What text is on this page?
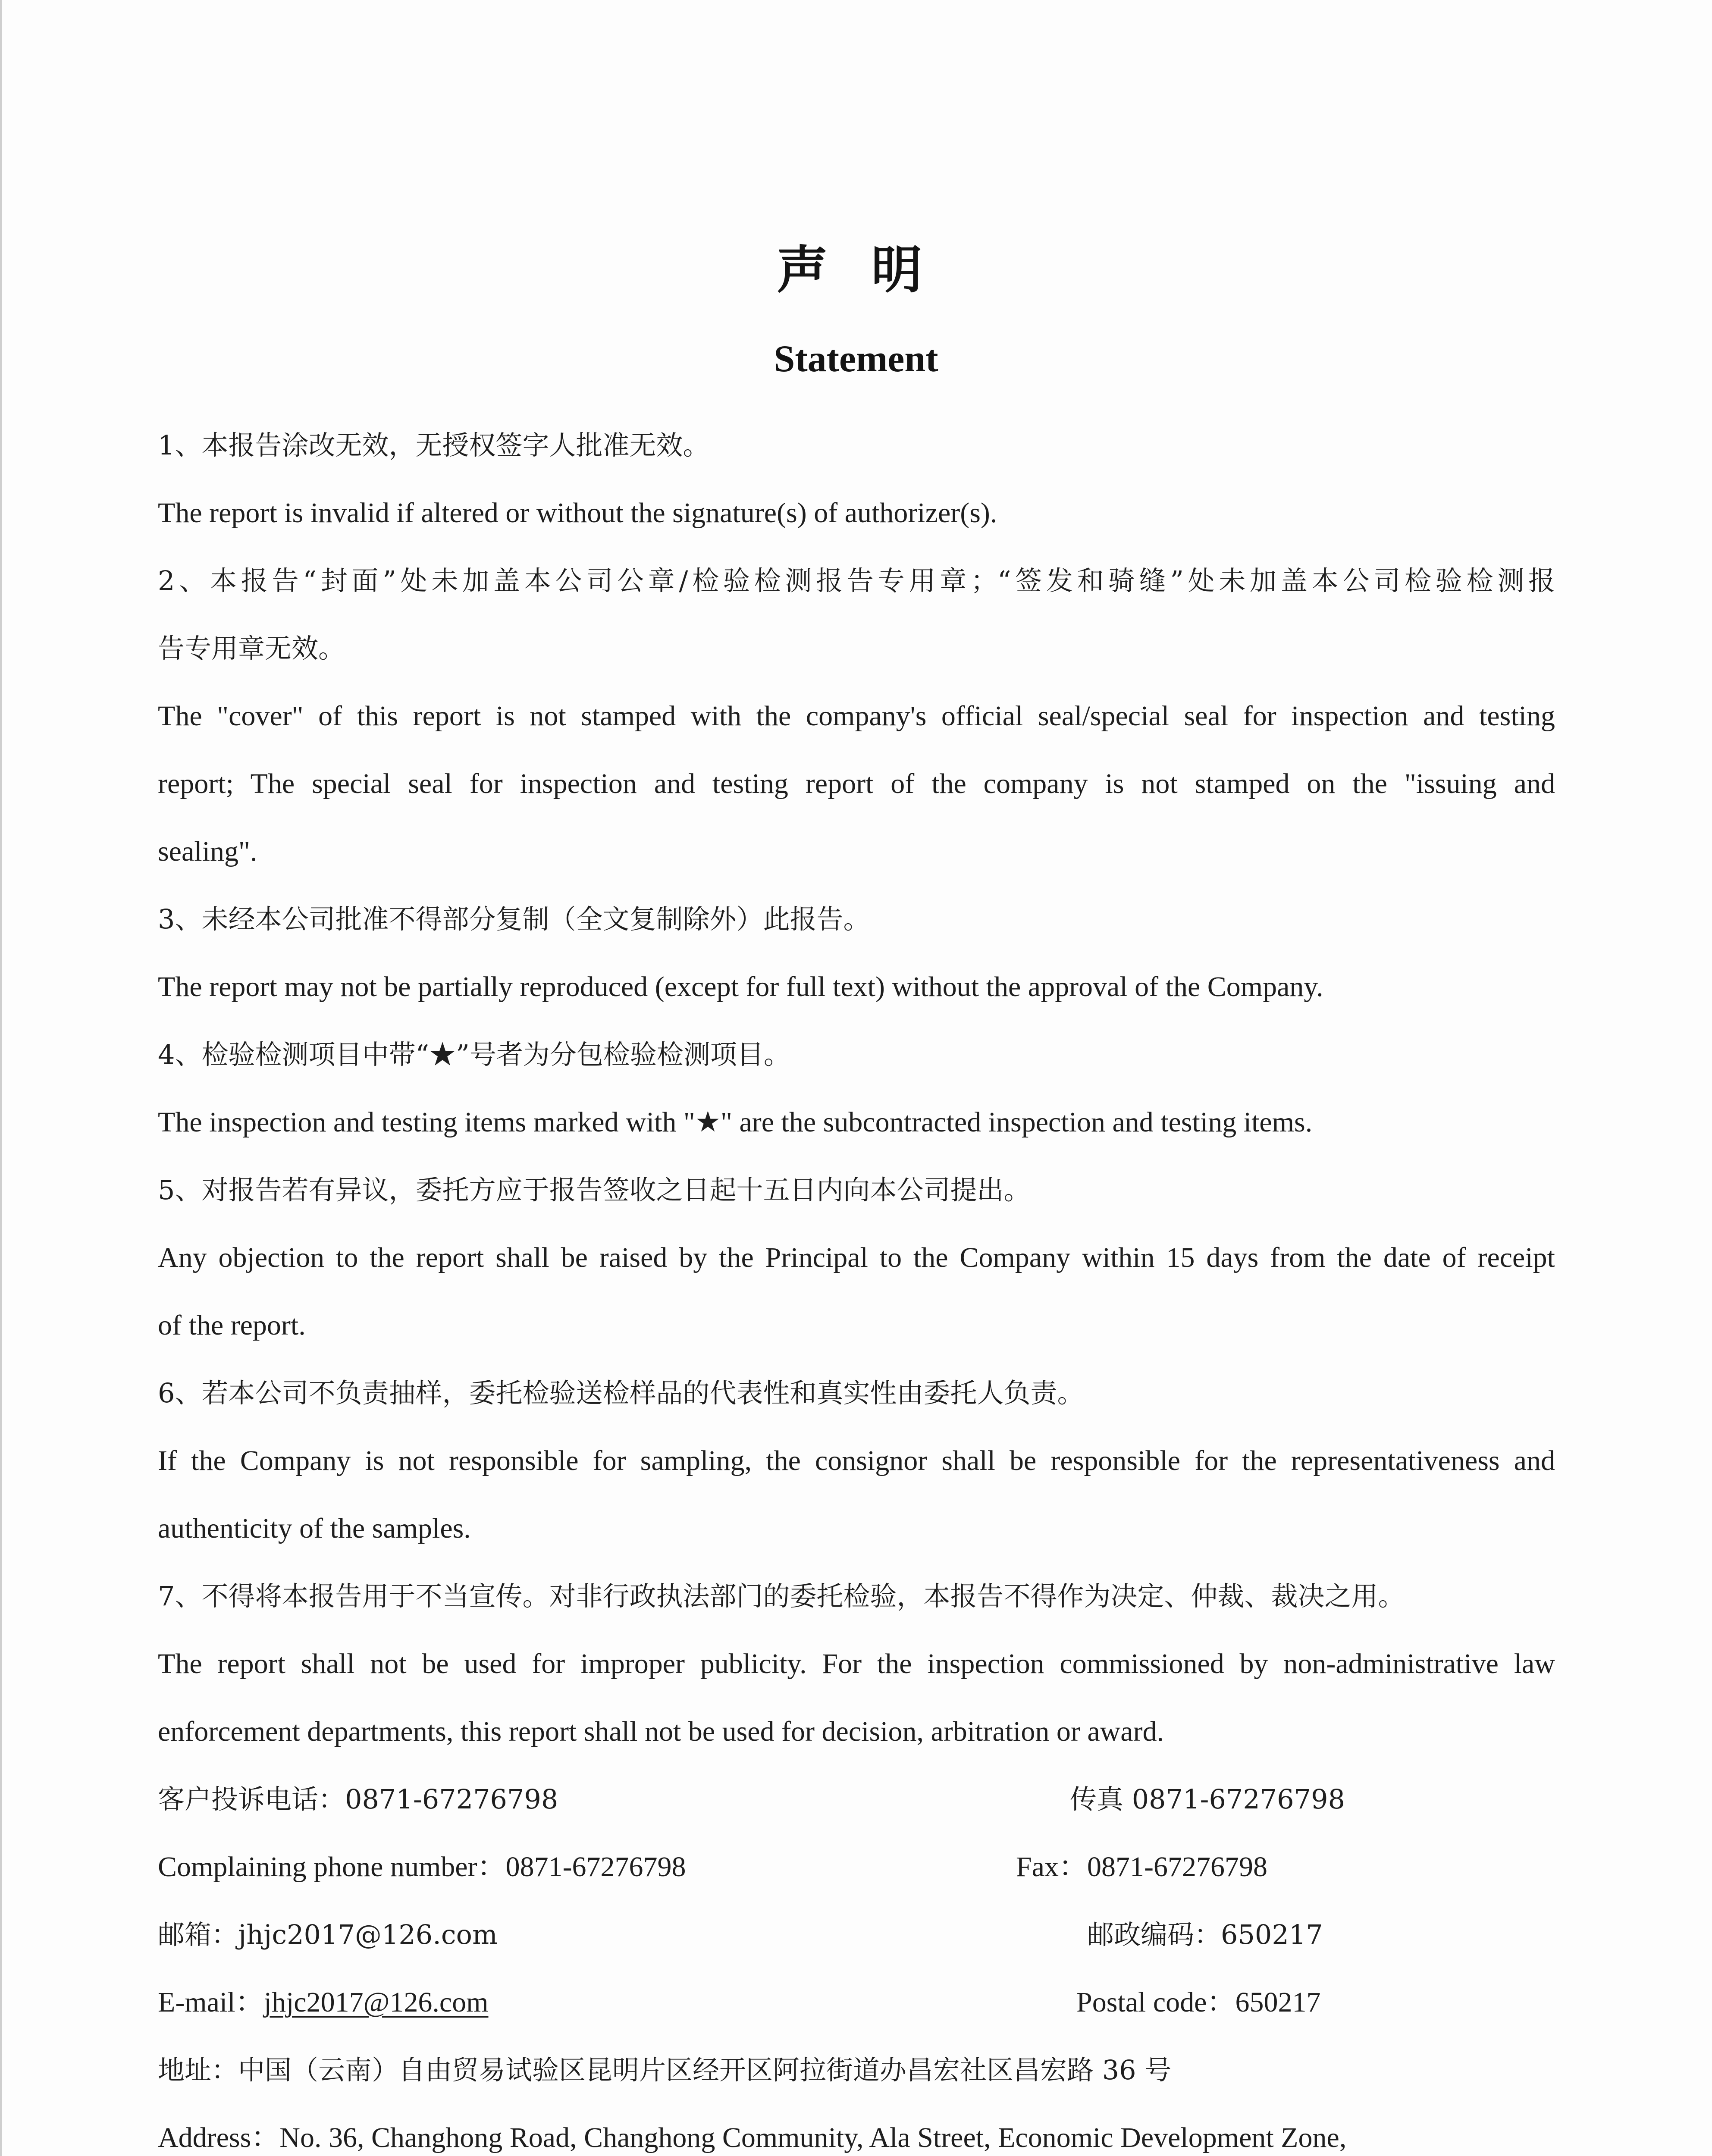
声 明
Statement
1、本报告涂改无效，无授权签字人批准无效。
The report is invalid if altered or without the signature(s) of authorizer(s).
2、本报告“封面”处未加盖本公司公章/检验检测报告专用章；“签发和骑缝”处未加盖本公司检验检测报
告专用章无效。
The "cover" of this report is not stamped with the company's official seal/special seal for inspection and testing
report; The special seal for inspection and testing report of the company is not stamped on the "issuing and
sealing".
3、未经本公司批准不得部分复制（全文复制除外）此报告。
The report may not be partially reproduced (except for full text) without the approval of the Company.
4、检验检测项目中带“★”号者为分包检验检测项目。
The inspection and testing items marked with "★" are the subcontracted inspection and testing items.
5、对报告若有异议，委托方应于报告签收之日起十五日内向本公司提出。
Any objection to the report shall be raised by the Principal to the Company within 15 days from the date of receipt
of the report.
6、若本公司不负责抽样，委托检验送检样品的代表性和真实性由委托人负责。
If the Company is not responsible for sampling, the consignor shall be responsible for the representativeness and
authenticity of the samples.
7、不得将本报告用于不当宣传。对非行政执法部门的委托检验，本报告不得作为决定、仲裁、裁决之用。
The report shall not be used for improper publicity. For the inspection commissioned by non-administrative law
enforcement departments, this report shall not be used for decision, arbitration or award.
客户投诉电话：0871-67276798	传真 0871-67276798
Complaining phone number：0871-67276798	Fax：0871-67276798
邮箱：jhjc2017@126.com	邮政编码：650217
E-mail：jhjc2017@126.com	Postal code：650217
地址：中国（云南）自由贸易试验区昆明片区经开区阿拉街道办昌宏社区昌宏路 36 号
Address：No. 36, Changhong Road, Changhong Community, Ala Street, Economic Development Zone,
